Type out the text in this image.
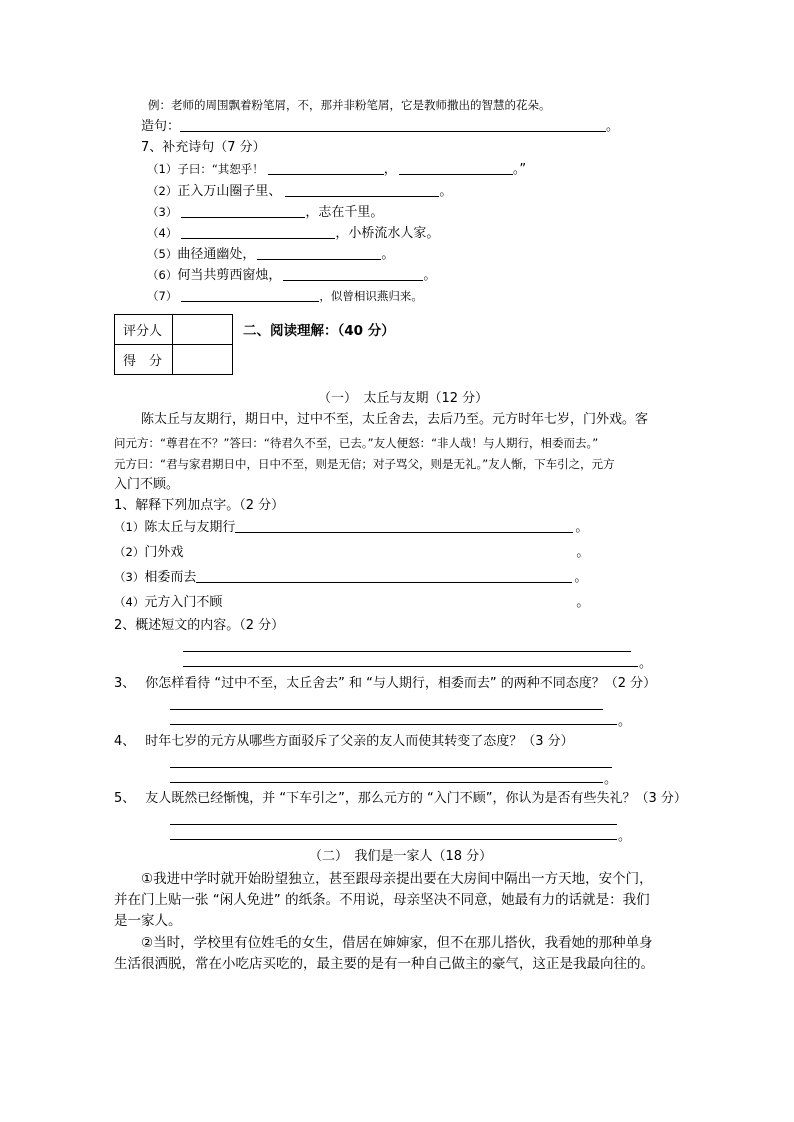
例：老师的周围飘着粉笔屑，不，那并非粉笔屑，它是教师撒出的智慧的花朵。
造句：	。
7、补充诗句（7 分）
（1）子曰：“其恕乎！	，	。”
（2）正入万山圈子里、	。
（3）	，志在千里。
（4）	，小桥流水人家。
（5）曲径通幽处，	。
（6）何当共剪西窗烛，	。
（7）	，似曾相识燕归来。
评分人	
得　分	
二、阅读理解：（40 分）
（一）　太丘与友期（12 分）
陈太丘与友期行，期日中，过中不至，太丘舍去，去后乃至。元方时年七岁，门外戏。客
问元方：“尊君在不？”答曰：“待君久不至，已去。”友人便怒：“非人哉！与人期行，相委而去。”
元方曰：“君与家君期日中，日中不至，则是无信；对子骂父，则是无礼。”友人惭，下车引之，元方
入门不顾。
1、解释下列加点字。（2 分）
（1）陈太丘与友期行	。
（2）门外戏	。
（3）相委而去	。
（4）元方入门不顾	。
2、概述短文的内容。（2 分）
。
3、 你怎样看待 “过中不至，太丘舍去” 和 “与人期行，相委而去” 的两种不同态度？（2 分）
。
4、 时年七岁的元方从哪些方面驳斥了父亲的友人而使其转变了态度？（3 分）
。
5、 友人既然已经惭愧，并 “下车引之”，那么元方的 “入门不顾”，你认为是否有些失礼？（3 分）
。
（二）　我们是一家人（18 分）
①我进中学时就开始盼望独立，甚至跟母亲提出要在大房间中隔出一方天地，安个门，
并在门上贴一张 “闲人免进” 的纸条。不用说，母亲坚决不同意，她最有力的话就是：我们
是一家人。
②当时，学校里有位姓毛的女生，借居在婶婶家，但不在那儿搭伙，我看她的那种单身
生活很洒脱，常在小吃店买吃的，最主要的是有一种自己做主的豪气，这正是我最向往的。
